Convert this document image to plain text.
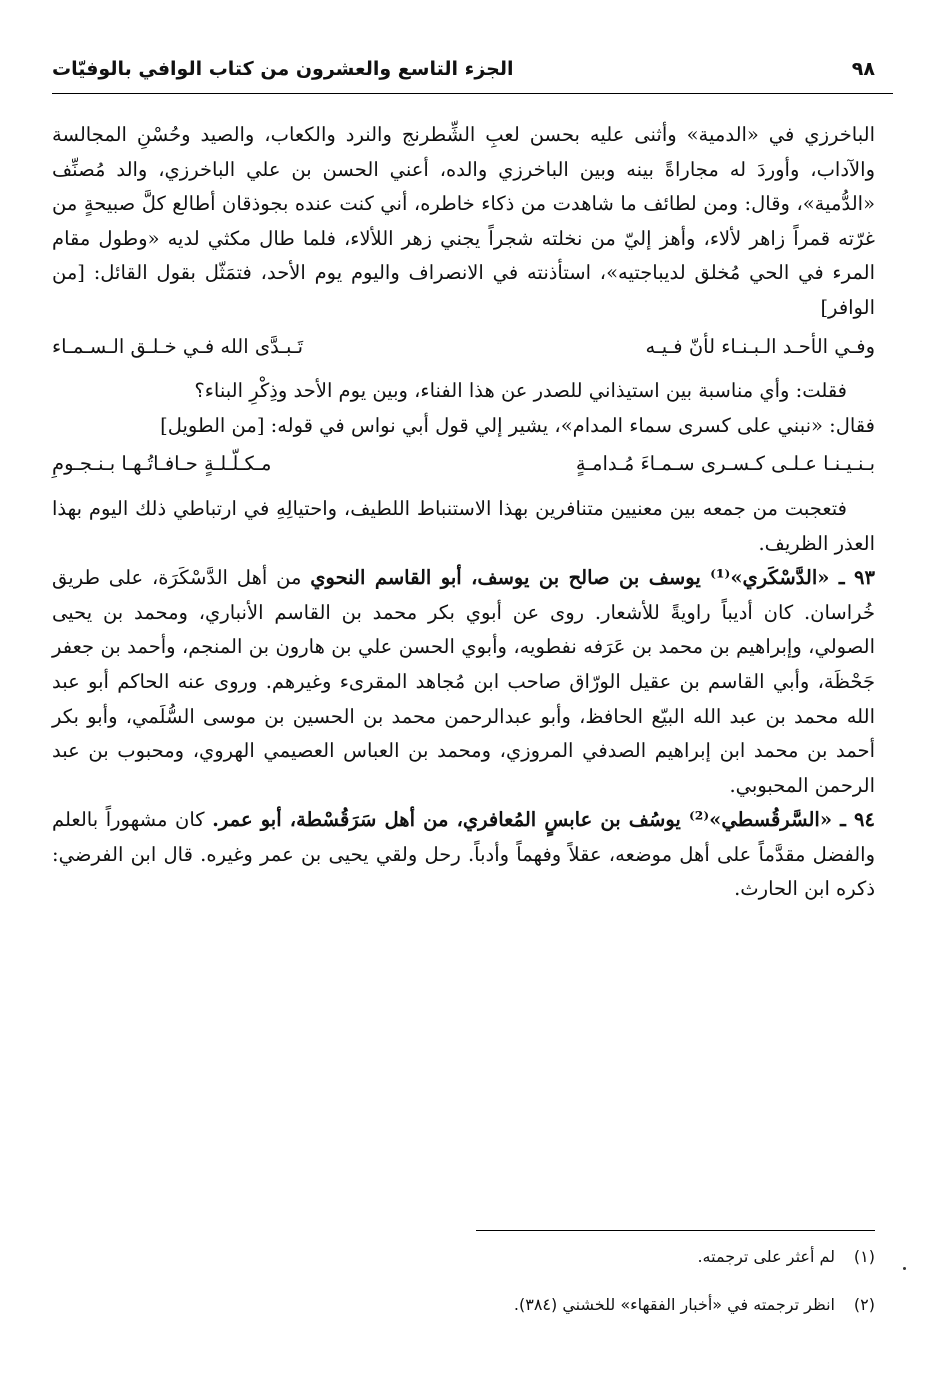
٩٨
الجزء التاسع والعشرون من كتاب الوافي بالوفيّات

الباخرزي في «الدمية» وأثنى عليه بحسن لعبِ الشِّطرنج والنرد والكعاب، والصيد وحُسْنِ المجالسة والآداب، وأوردَ له مجاراةً بينه وبين الباخرزي والده، أعني الحسن بن علي الباخرزي، والد مُصنِّف «الدُّمية»، وقال: ومن لطائف ما شاهدت من ذكاء خاطره، أني كنت عنده بجوذقان أطالع كلَّ صبيحةٍ من غرّته قمراً زاهر لألاء، وأهز إليّ من نخلته شجراً يجني زهر اللألاء، فلما طال مكثي لديه «وطول مقام المرء في الحي مُخلق لديباجتيه»، استأذنته في الانصراف واليوم يوم الأحد، فتمَثّل بقول القائل: [من الوافر]

وفـي الأحـد الـبـنـاء لأنّ فـيـه
تَـبـدَّى الله فـي خـلـق الـسـمـاء

فقلت: وأي مناسبة بين استيذاني للصدر عن هذا الفناء، وبين يوم الأحد وذِكْرِ البناء؟

فقال: «نبني على كسرى سماء المدام»، يشير إلي قول أبي نواس في قوله: [من الطويل]

بـنـيـنـا عـلـى كـسـرى سـمـاءَ مُـدامـةٍ
مـكـلّـلـةٍ حـافـاتُـهـا بـنـجـومِ

فتعجبت من جمعه بين معنيين متنافرين بهذا الاستنباط اللطيف، واحتيالِهِ في ارتباطي ذلك اليوم بهذا العذر الظريف.

٩٣ ـ «الدَّسْكَري»⁽¹⁾ يوسف بن صالح بن يوسف، أبو القاسم النحوي من أهل الدَّسْكَرَة، على طريق خُراسان. كان أديباً راويةً للأشعار. روى عن أبوي بكر محمد بن القاسم الأنباري، ومحمد بن يحيى الصولي، وإبراهيم بن محمد بن عَرَفه نفطويه، وأبوي الحسن علي بن هارون بن المنجم، وأحمد بن جعفر جَحْظَة، وأبي القاسم بن عقيل الورّاق صاحب ابن مُجاهد المقرىء وغيرهم. وروى عنه الحاكم أبو عبد الله محمد بن عبد الله البيّع الحافظ، وأبو عبدالرحمن محمد بن الحسين بن موسى السُّلَمي، وأبو بكر أحمد بن محمد ابن إبراهيم الصدفي المروزي، ومحمد بن العباس العصيمي الهروي، ومحبوب بن عبد الرحمن المحبوبي.

٩٤ ـ «السَّرقُسطي»⁽²⁾ يوسُف بن عابسٍ المُعافري، من أهل سَرَقُسْطة، أبو عمر. كان مشهوراً بالعلم والفضل مقدَّماً على أهل موضعه، عقلاً وفهماً وأدباً. رحل ولقي يحيى بن عمر وغيره. قال ابن الفرضي: ذكره ابن الحارث.

(١)
لم أعثر على ترجمته.
(٢)
انظر ترجمته في «أخبار الفقهاء» للخشني (٣٨٤).
